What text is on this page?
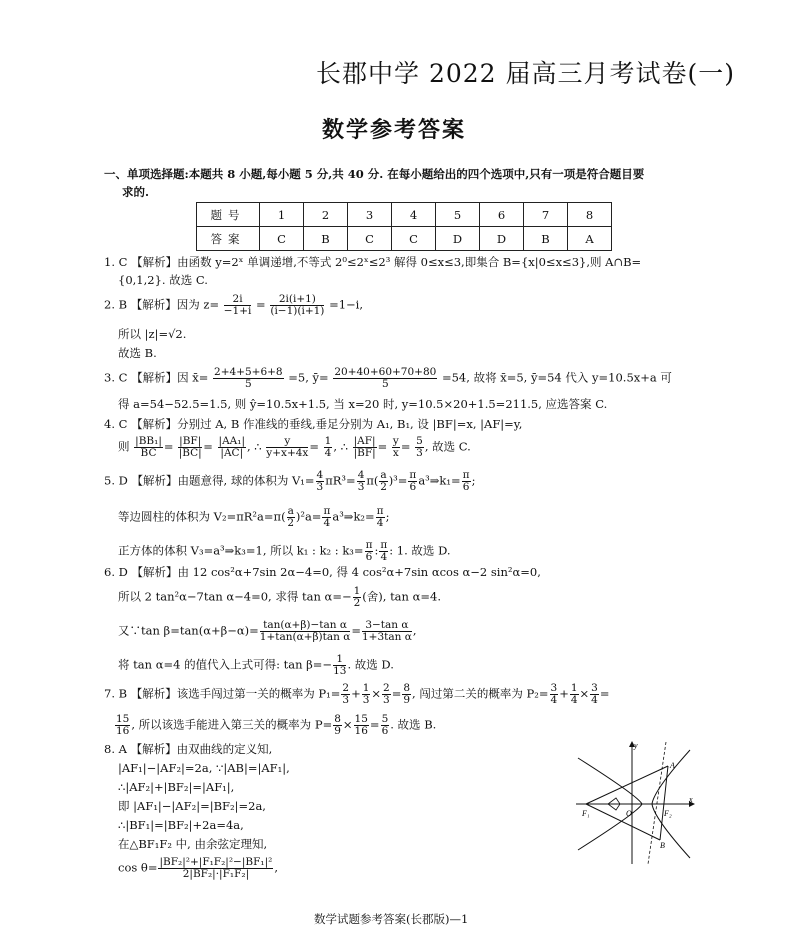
长郡中学 2022 届高三月考试卷(一)
数学参考答案
一、单项选择题:本题共 8 小题,每小题 5 分,共 40 分. 在每小题给出的四个选项中,只有一项是符合题目要
求的.
题号	1	2	3	4	5	6	7	8
答案	C	B	C	C	D	D	B	A
1. C 【解析】由函数 y=2ˣ 单调递增,不等式 2⁰≤2ˣ≤2³ 解得 0≤x≤3,即集合 B={x|0≤x≤3},则 A∩B=
{0,1,2}. 故选 C.
2. B 【解析】因为 $z= \frac{2i}{-1+i} = \frac{2i(i+1)}{(i-1)(i+1)} =1-i$,
所以 |z|=√2.
故选 B.
3. C 【解析】因 x̄= $\frac{2+4+5+6+8}{5} =5$, ȳ= $\frac{20+40+60+70+80}{5} =54$, 故将 x̄=5, ȳ=54 代入 y=10.5x+a 可
得 a=54−52.5=1.5, 则 ŷ=10.5x+1.5, 当 x=20 时, y=10.5×20+1.5=211.5, 应选答案 C.
4. C 【解析】分别过 A, B 作准线的垂线,垂足分别为 A₁, B₁, 设 |BF|=x, |AF|=y,
则 $\frac{\text{|BB₁|}}{BC} = \frac{|BF|}{|BC|} = \frac{\text{|AA₁|}}{|AC|}$ , ∴ $\frac{y}{y+x+4x} = \frac{1}{4}$ , ∴ $\frac{|AF|}{|BF|} = \frac{y}{x} = \frac{5}{3}$ , 故选 C.
5. D 【解析】由题意得, 球的体积为 $V_1= \frac{4}{3} \pi R^3= \frac{4}{3} \pi( \frac{a}{2} )^3= \frac{\pi}{6}$ a³⇒k₁= $\frac{\pi}{6}$ ;
等边圆柱的体积为 $V_2=\pi R^2a=\pi( \frac{a}{2} )^2a= \frac{\pi}{4}$ a³⇒k₂= $\frac{\pi}{4}$ ;
正方体的体积 V₃=a³⇒k₃=1, 所以 k₁ : k₂ : $k_3= \frac{\pi}{6}$ : $\frac{\pi}{4}$ : 1. 故选 D.
6. D 【解析】由 12 cos²α+7sin 2α−4=0, 得 4 cos²α+7sin αcos α−2 sin²α=0,
所以 2 tan²α−7tan α−4=0, 求得 $\tan \alpha=- \frac{1}{2}$ (舍), tan α=4.
又∵tan $\beta=\tan(\alpha+\beta-\alpha)= \frac{\text{tan(α+β)−tan α}}{\text{1+tan(α+β)tan α}} = \frac{\text{3−tan α}}{\text{1+3tan α}}$ ,
将 tan α=4 的值代入上式可得: $\tan \beta=- \frac{1}{13}$ . 故选 D.
7. B 【解析】该选手闯过第一关的概率为 $P_1= \frac{2}{3} + \frac{1}{3} \times \frac{2}{3} = \frac{8}{9}$ , 闯过第二关的概率为 $P_2= \frac{3}{4} + \frac{1}{4} \times \frac{3}{4}$ =
$\frac{15}{16}$ , 所以该选手能进入第三关的概率为 $P= \frac{8}{9} \times \frac{15}{16} = \frac{5}{6}$ . 故选 B.
8. A 【解析】由双曲线的定义知,
|AF₁|−|AF₂|=2a, ∵|AB|=|AF₁|,
∴|AF₂|+|BF₂|=|AF₁|,
即 |AF₁|−|AF₂|=|BF₂|=2a,
∴|BF₁|=|BF₂|+2a=4a,
在△BF₁F₂ 中, 由余弦定理知,
$\cos \theta= \frac{\text{|BF₂|²+|F₁F₂|²−|BF₁|²}}{\text{2|BF₂|·|F₁F₂|}}$ ,
y
x
O
F₁	F₂
A
B
数学试题参考答案(长郡版)—1
